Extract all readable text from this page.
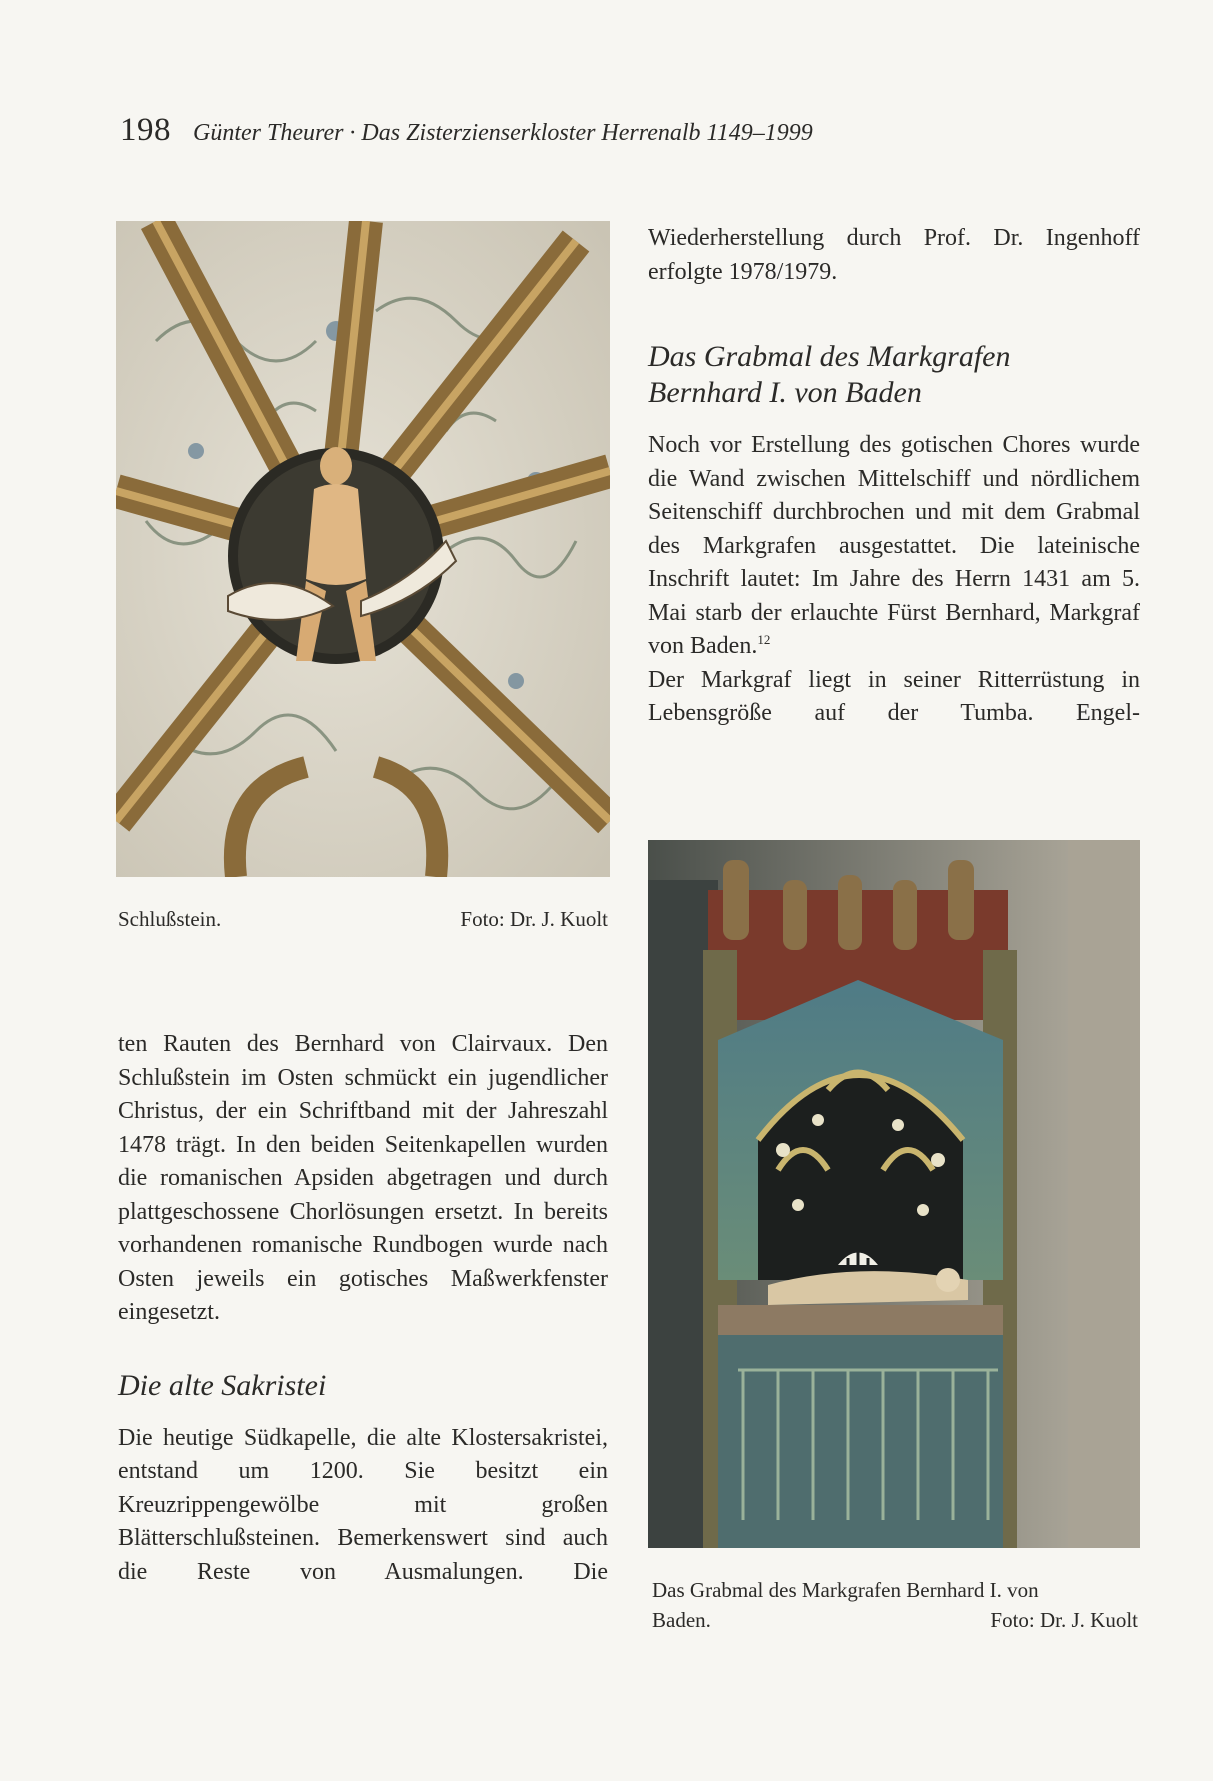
198 Günter Theurer · Das Zisterzienserkloster Herrenalb 1149–1999
Schlußstein.	Foto: Dr. J. Kuolt

Wiederherstellung durch Prof. Dr. Ingenhoff erfolgte 1978/1979.

Das Grabmal des Markgrafen
Bernhard I. von Baden

Noch vor Erstellung des gotischen Chores wurde die Wand zwischen Mittelschiff und nördlichem Seitenschiff durchbrochen und mit dem Grabmal des Markgrafen ausgestattet. Die lateinische Inschrift lautet: Im Jahre des Herrn 1431 am 5. Mai starb der erlauchte Fürst Bernhard, Markgraf von Baden.$^{12}$

Der Markgraf liegt in seiner Ritterrüstung in Lebensgröße auf der Tumba. Engel-

Das Grabmal des Markgrafen Bernhard I. von
Baden.	Foto: Dr. J. Kuolt

ten Rauten des Bernhard von Clairvaux. Den Schlußstein im Osten schmückt ein jugendlicher Christus, der ein Schriftband mit der Jahreszahl 1478 trägt. In den beiden Seitenkapellen wurden die romanischen Apsiden abgetragen und durch plattgeschossene Chorlösungen ersetzt. In bereits vorhandenen romanische Rundbogen wurde nach Osten jeweils ein gotisches Maßwerkfenster eingesetzt.

Die alte Sakristei

Die heutige Südkapelle, die alte Klostersakristei, entstand um 1200. Sie besitzt ein Kreuzrippengewölbe mit großen Blätterschlußsteinen. Bemerkenswert sind auch die Reste von Ausmalungen. Die
